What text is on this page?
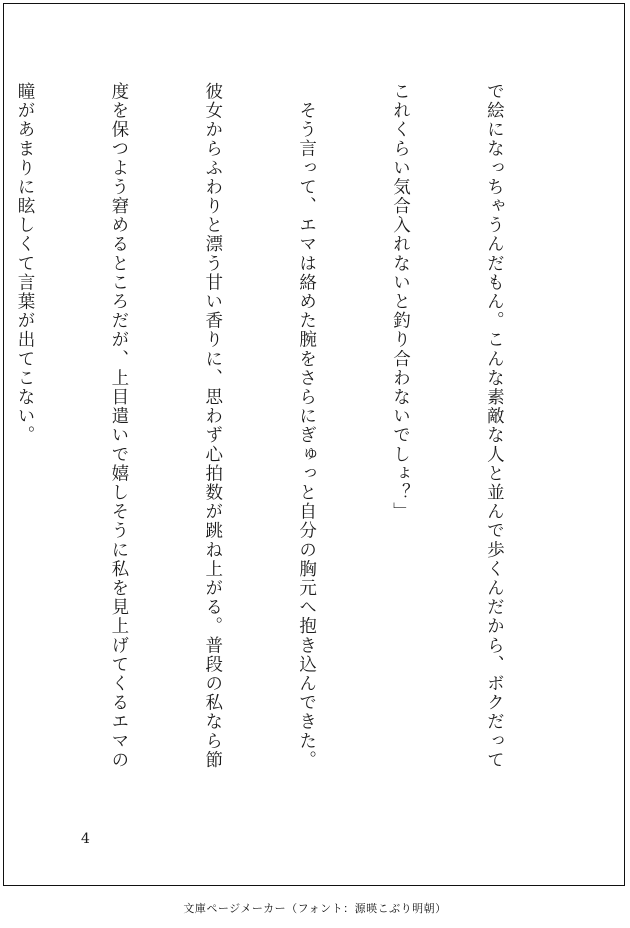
で絵になっちゃうんだもん。こんな素敵な人と並んで歩くんだから、ボクだって

これくらい気合入れないと釣り合わないでしょ？」

　そう言って、エマは絡めた腕をさらにぎゅっと自分の胸元へ抱き込んできた。

彼女からふわりと漂う甘い香りに、思わず心拍数が跳ね上がる。普段の私なら節

度を保つよう窘めるところだが、上目遣いで嬉しそうに私を見上げてくるエマの

瞳があまりに眩しくて言葉が出てこない。

4
文庫ページメーカー（フォント：源暎こぶり明朝）
